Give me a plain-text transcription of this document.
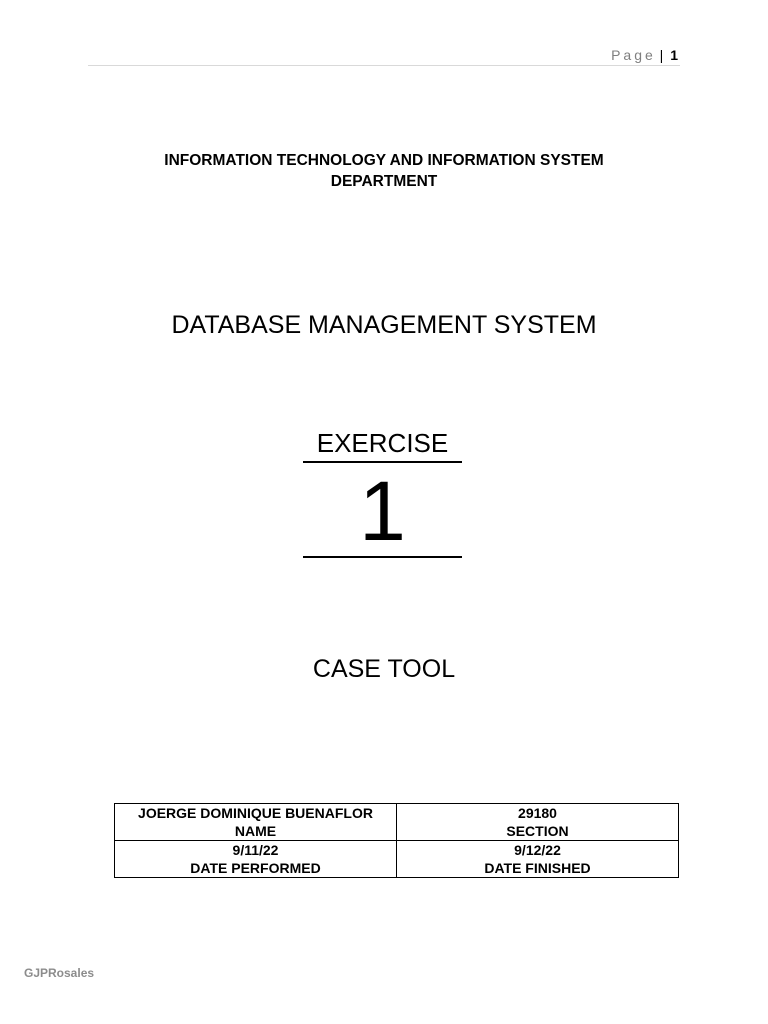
Page | 1
INFORMATION TECHNOLOGY AND INFORMATION SYSTEM
DEPARTMENT
DATABASE MANAGEMENT SYSTEM
EXERCISE
1
CASE TOOL
JOERGE DOMINIQUE BUENAFLOR	29180
NAME	SECTION
9/11/22	9/12/22
DATE PERFORMED	DATE FINISHED
GJPRosales
